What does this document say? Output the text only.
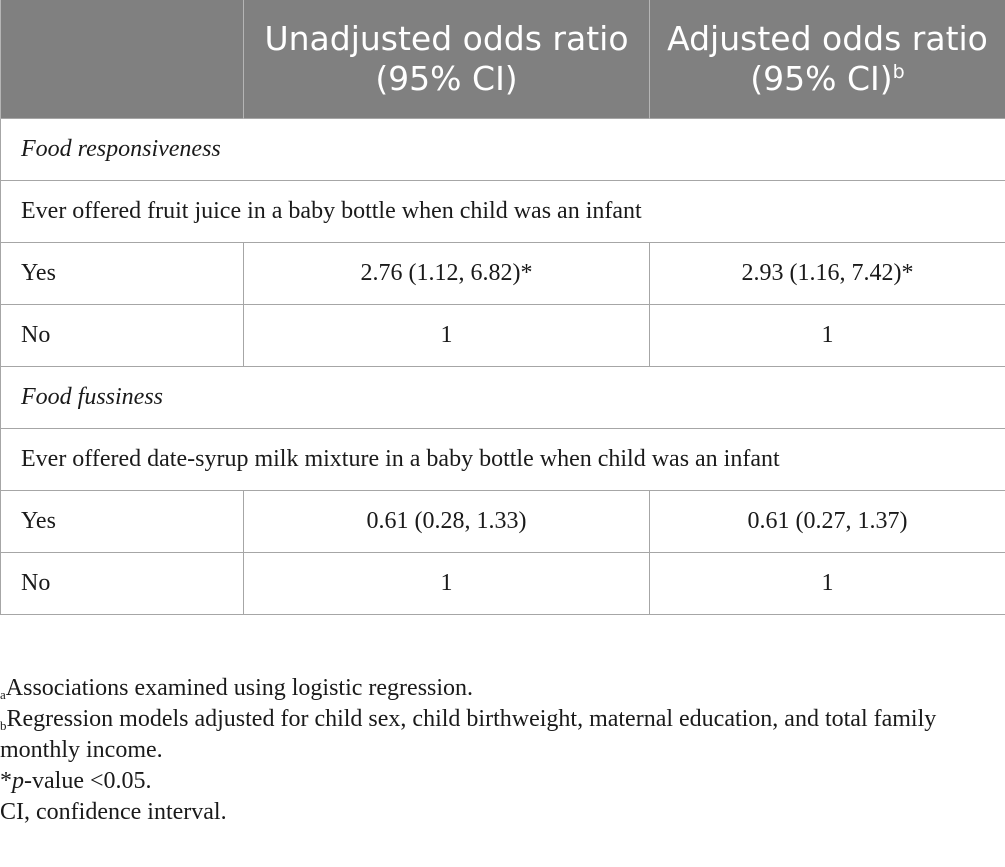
	Unadjusted odds ratio (95% CI)	Adjusted odds ratio (95% CI)$^b$
Food responsiveness		
Ever offered fruit juice in a baby bottle when child was an infant		
Yes	2.76 (1.12, 6.82)*	2.93 (1.16, 7.42)*
No	1	1
Food fussiness		
Ever offered date-syrup milk mixture in a baby bottle when child was an infant		
Yes	0.61 (0.28, 1.33)	0.61 (0.27, 1.37)
No	1	1

$^a$Associations examined using logistic regression.

$^b$Regression models adjusted for child sex, child birthweight, maternal education, and total family monthly income.

*p-value <0.05.

CI, confidence interval.
